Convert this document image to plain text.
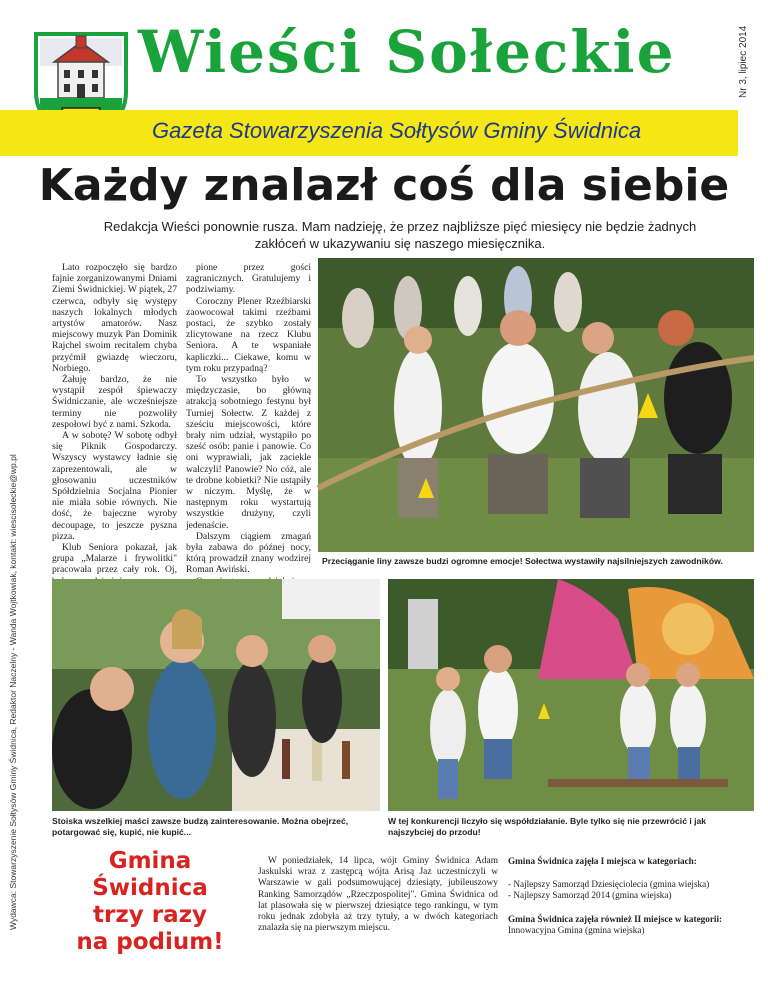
Wieści Sołeckie
Gazeta Stowarzyszenia Sołtysów Gminy Świdnica
Nr 3, lipiec 2014
Każdy znalazł coś dla siebie
Redakcja Wieści ponownie rusza. Mam nadzieję, że przez najbliższe pięć miesięcy nie będzie żadnych zakłóceń w ukazywaniu się naszego miesięcznika.
Wydawca: Stowarzyszenie Sołtysów Gminy Świdnica, Redaktor Naczelny - Wanda Wojtkowiak, kontakt: wiescisoleckie@wp.pl

Lato rozpoczęło się bardzo fajnie zorganizowanymi Dniami Ziemi Świdnickiej. W piątek, 27 czerwca, odbyły się występy naszych lokalnych młodych artystów amatorów. Nasz miejscowy muzyk Pan Dominik Rajchel swoim recitalem chyba przyćmił gwiazdę wieczoru, Norbiego.

Żałuję bardzo, że nie wystąpił zespół śpiewaczy Świdniczanie, ale wcześniejsze terminy nie pozwoliły zespołowi być z nami. Szkoda.

A w sobotę? W sobotę odbył się Piknik Gospodarczy. Wszyscy wystawcy ładnie się zaprezentowali, ale w głosowaniu uczestników Spółdzielnia Socjalna Pionier nie miała sobie równych. Nie dość, że bajeczne wyroby decoupage, to jeszcze pyszna pizza.

Klub Seniora pokazał, jak grupa „Malarze i frywolitki" pracowała przez cały rok. Oj,

pione przez gości zagranicznych. Gratulujemy i podziwiamy.

Coroczny Plener Rzeźbiarski zaowocował takimi rzeźbami postaci, że szybko zostały zlicytowane na rzecz Klubu Seniora. A te wspaniałe kapliczki... Ciekawe, komu w tym roku przypadną?

To wszystko było w międzyczasie, bo główną atrakcją sobotniego festynu był Turniej Sołectw. Z każdej z sześciu miejscowości, które brały nim udział, wystąpiło po sześć osób: panie i panowie. Co oni wyprawiali, jak zaciekle walczyli! Panowie? No cóż, ale te drobne kobietki? Nie ustąpiły w niczym. Myślę, że w następnym roku wystartują wszystkie drużyny, czyli jedenaście.

Dalszym ciągiem zmagań była zabawa do późnej nocy, którą prowadził znany wodzirej Roman Awiński.

Przeciąganie liny zawsze budzi ogromne emocje! Sołectwa wystawiły najsilniejszych zawodników.
Stoiska wszelkiej maści zawsze budzą zainteresowanie. Można obejrzeć, potargować się, kupić, nie kupić...
W tej konkurencji liczyło się współdziałanie. Byle tylko się nie przewrócić i jak najszybciej do przodu!
Gmina Świdnica
trzy razy
na podium!

W poniedziałek, 14 lipca, wójt Gminy Świdnica Adam Jaskulski wraz z zastępcą wójta Arisą Jaz uczestniczyli w Warszawie w gali podsumowującej dziesiąty, jubileuszowy Ranking Samorządów „Rzeczpospolitej". Gmina Świdnica od lat plasowała się w pierwszej dziesiątce tego rankingu, w tym roku jednak zdobyła aż trzy tytuły, a w dwóch kategoriach znalazła się na pierwszym miejscu.

Gmina Świdnica zajęła I miejsca w kategoriach:
- Najlepszy Samorząd Dziesięciolecia (gmina wiejska)
- Najlepszy Samorząd 2014 (gmina wiejska)
Gmina Świdnica zajęła również II miejsce w kategorii:
Innowacyjna Gmina (gmina wiejska)
